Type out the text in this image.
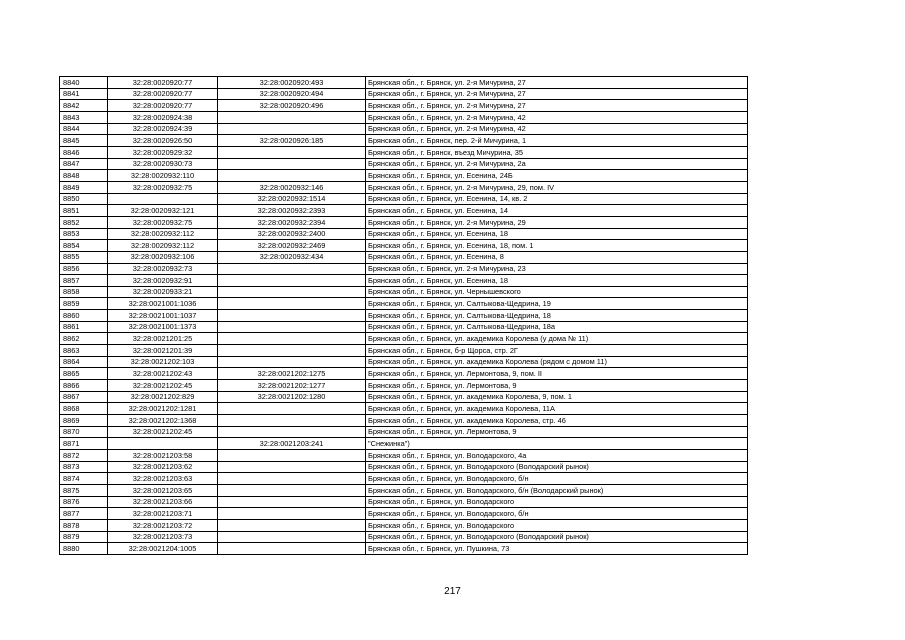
8840	32:28:0020920:77	32:28:0020920:493	Брянская обл., г. Брянск, ул. 2-я Мичурина, 27
8841	32:28:0020920:77	32:28:0020920:494	Брянская обл., г. Брянск, ул. 2-я Мичурина, 27
8842	32:28:0020920:77	32:28:0020920:496	Брянская обл., г. Брянск, ул. 2-я Мичурина, 27
8843	32:28:0020924:38		Брянская обл., г. Брянск, ул. 2-я Мичурина, 42
8844	32:28:0020924:39		Брянская обл., г. Брянск, ул. 2-я Мичурина, 42
8845	32:28:0020926:50	32:28:0020926:185	Брянская обл., г. Брянск, пер. 2-й Мичурина, 1
8846	32:28:0020929:32		Брянская обл., г. Брянск, въезд Мичурина, 35
8847	32:28:0020930:73		Брянская обл., г. Брянск, ул. 2-я Мичурина, 2а
8848	32:28:0020932:110		Брянская обл., г. Брянск, ул. Есенина, 24Б
8849	32:28:0020932:75	32:28:0020932:146	Брянская обл., г. Брянск, ул. 2-я Мичурина, 29, пом. IV
8850		32:28:0020932:1514	Брянская обл., г. Брянск, ул. Есенина, 14, кв. 2
8851	32:28:0020932:121	32:28:0020932:2393	Брянская обл., г. Брянск, ул. Есенина, 14
8852	32:28:0020932:75	32:28:0020932:2394	Брянская обл., г. Брянск, ул. 2-я Мичурина, 29
8853	32:28:0020932:112	32:28:0020932:2400	Брянская обл., г. Брянск, ул. Есенина, 18
8854	32:28:0020932:112	32:28:0020932:2469	Брянская обл., г. Брянск, ул. Есенина, 18, пом. 1
8855	32:28:0020932:106	32:28:0020932:434	Брянская обл., г. Брянск, ул. Есенина, 8
8856	32:28:0020932:73		Брянская обл., г. Брянск, ул. 2-я Мичурина, 23
8857	32:28:0020932:91		Брянская обл., г. Брянск, ул. Есенина, 18
8858	32:28:0020933:21		Брянская обл., г. Брянск, ул. Чернышевского
8859	32:28:0021001:1036		Брянская обл., г. Брянск, ул. Салтыкова-Щедрина, 19
8860	32:28:0021001:1037		Брянская обл., г. Брянск, ул. Салтыкова-Щедрина, 18
8861	32:28:0021001:1373		Брянская обл., г. Брянск, ул. Салтыкова-Щедрина, 18а
8862	32:28:0021201:25		Брянская обл., г. Брянск, ул. академика Королева (у дома № 11)
8863	32:28:0021201:39		Брянская обл., г. Брянск, б-р Щорса, стр. 2Г
8864	32:28:0021202:103		Брянская обл., г. Брянск, ул. академика Королева (рядом с домом 11)
8865	32:28:0021202:43	32:28:0021202:1275	Брянская обл., г. Брянск, ул. Лермонтова, 9, пом. II
8866	32:28:0021202:45	32:28:0021202:1277	Брянская обл., г. Брянск, ул. Лермонтова, 9
8867	32:28:0021202:829	32:28:0021202:1280	Брянская обл., г. Брянск, ул. академика Королева, 9, пом. 1
8868	32:28:0021202:1281		Брянская обл., г. Брянск, ул. академика Королева, 11А
8869	32:28:0021202:1368		Брянская обл., г. Брянск, ул. академика Королева, стр. 46
8870	32:28:0021202:45		Брянская обл., г. Брянск, ул. Лермонтова, 9
8871		32:28:0021203:241	"Снежинка")
8872	32:28:0021203:58		Брянская обл., г. Брянск, ул. Володарского, 4а
8873	32:28:0021203:62		Брянская обл., г. Брянск, ул. Володарского (Володарский рынок)
8874	32:28:0021203:63		Брянская обл., г. Брянск, ул. Володарского, б/н
8875	32:28:0021203:65		Брянская обл., г. Брянск, ул. Володарского, б/н (Володарский рынок)
8876	32:28:0021203:66		Брянская обл., г. Брянск, ул. Володарского
8877	32:28:0021203:71		Брянская обл., г. Брянск, ул. Володарского, б/н
8878	32:28:0021203:72		Брянская обл., г. Брянск, ул. Володарского
8879	32:28:0021203:73		Брянская обл., г. Брянск, ул. Володарского (Володарский рынок)
8880	32:28:0021204:1005		Брянская обл., г. Брянск, ул. Пушкина, 73
217
